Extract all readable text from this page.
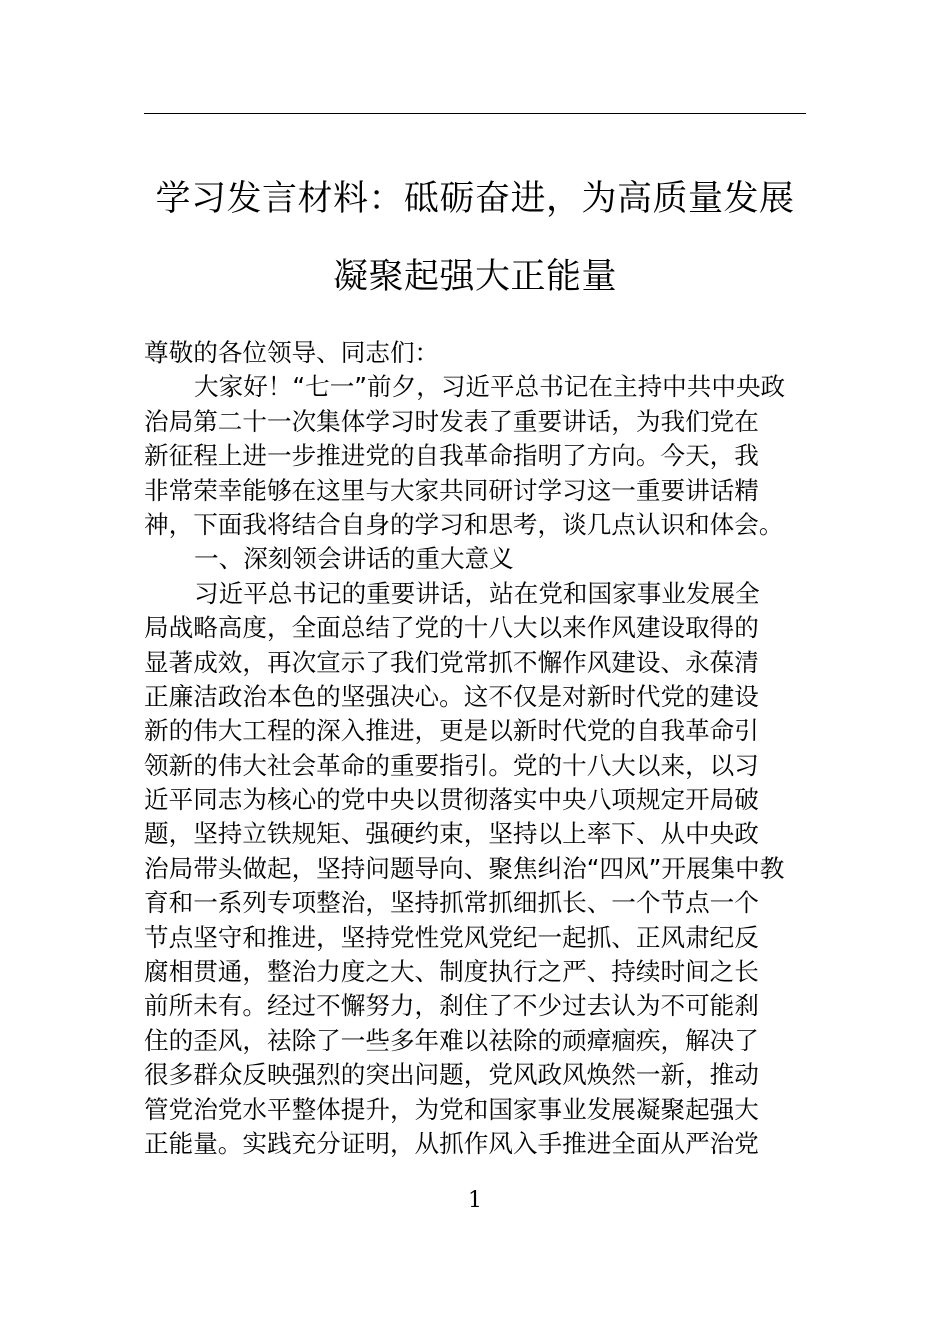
学习发言材料：砥砺奋进，为高质量发展
凝聚起强大正能量
尊敬的各位领导、同志们：
大家好！“七一”前夕，习近平总书记在主持中共中央政
治局第二十一次集体学习时发表了重要讲话，为我们党在
新征程上进一步推进党的自我革命指明了方向。今天，我
非常荣幸能够在这里与大家共同研讨学习这一重要讲话精
神，下面我将结合自身的学习和思考，谈几点认识和体会。
一、深刻领会讲话的重大意义
习近平总书记的重要讲话，站在党和国家事业发展全
局战略高度，全面总结了党的十八大以来作风建设取得的
显著成效，再次宣示了我们党常抓不懈作风建设、永葆清
正廉洁政治本色的坚强决心。这不仅是对新时代党的建设
新的伟大工程的深入推进，更是以新时代党的自我革命引
领新的伟大社会革命的重要指引。党的十八大以来，以习
近平同志为核心的党中央以贯彻落实中央八项规定开局破
题，坚持立铁规矩、强硬约束，坚持以上率下、从中央政
治局带头做起，坚持问题导向、聚焦纠治“四风”开展集中教
育和一系列专项整治，坚持抓常抓细抓长、一个节点一个
节点坚守和推进，坚持党性党风党纪一起抓、正风肃纪反
腐相贯通，整治力度之大、制度执行之严、持续时间之长
前所未有。经过不懈努力，刹住了不少过去认为不可能刹
住的歪风，祛除了一些多年难以祛除的顽瘴痼疾，解决了
很多群众反映强烈的突出问题，党风政风焕然一新，推动
管党治党水平整体提升，为党和国家事业发展凝聚起强大
正能量。实践充分证明，从抓作风入手推进全面从严治党
1
